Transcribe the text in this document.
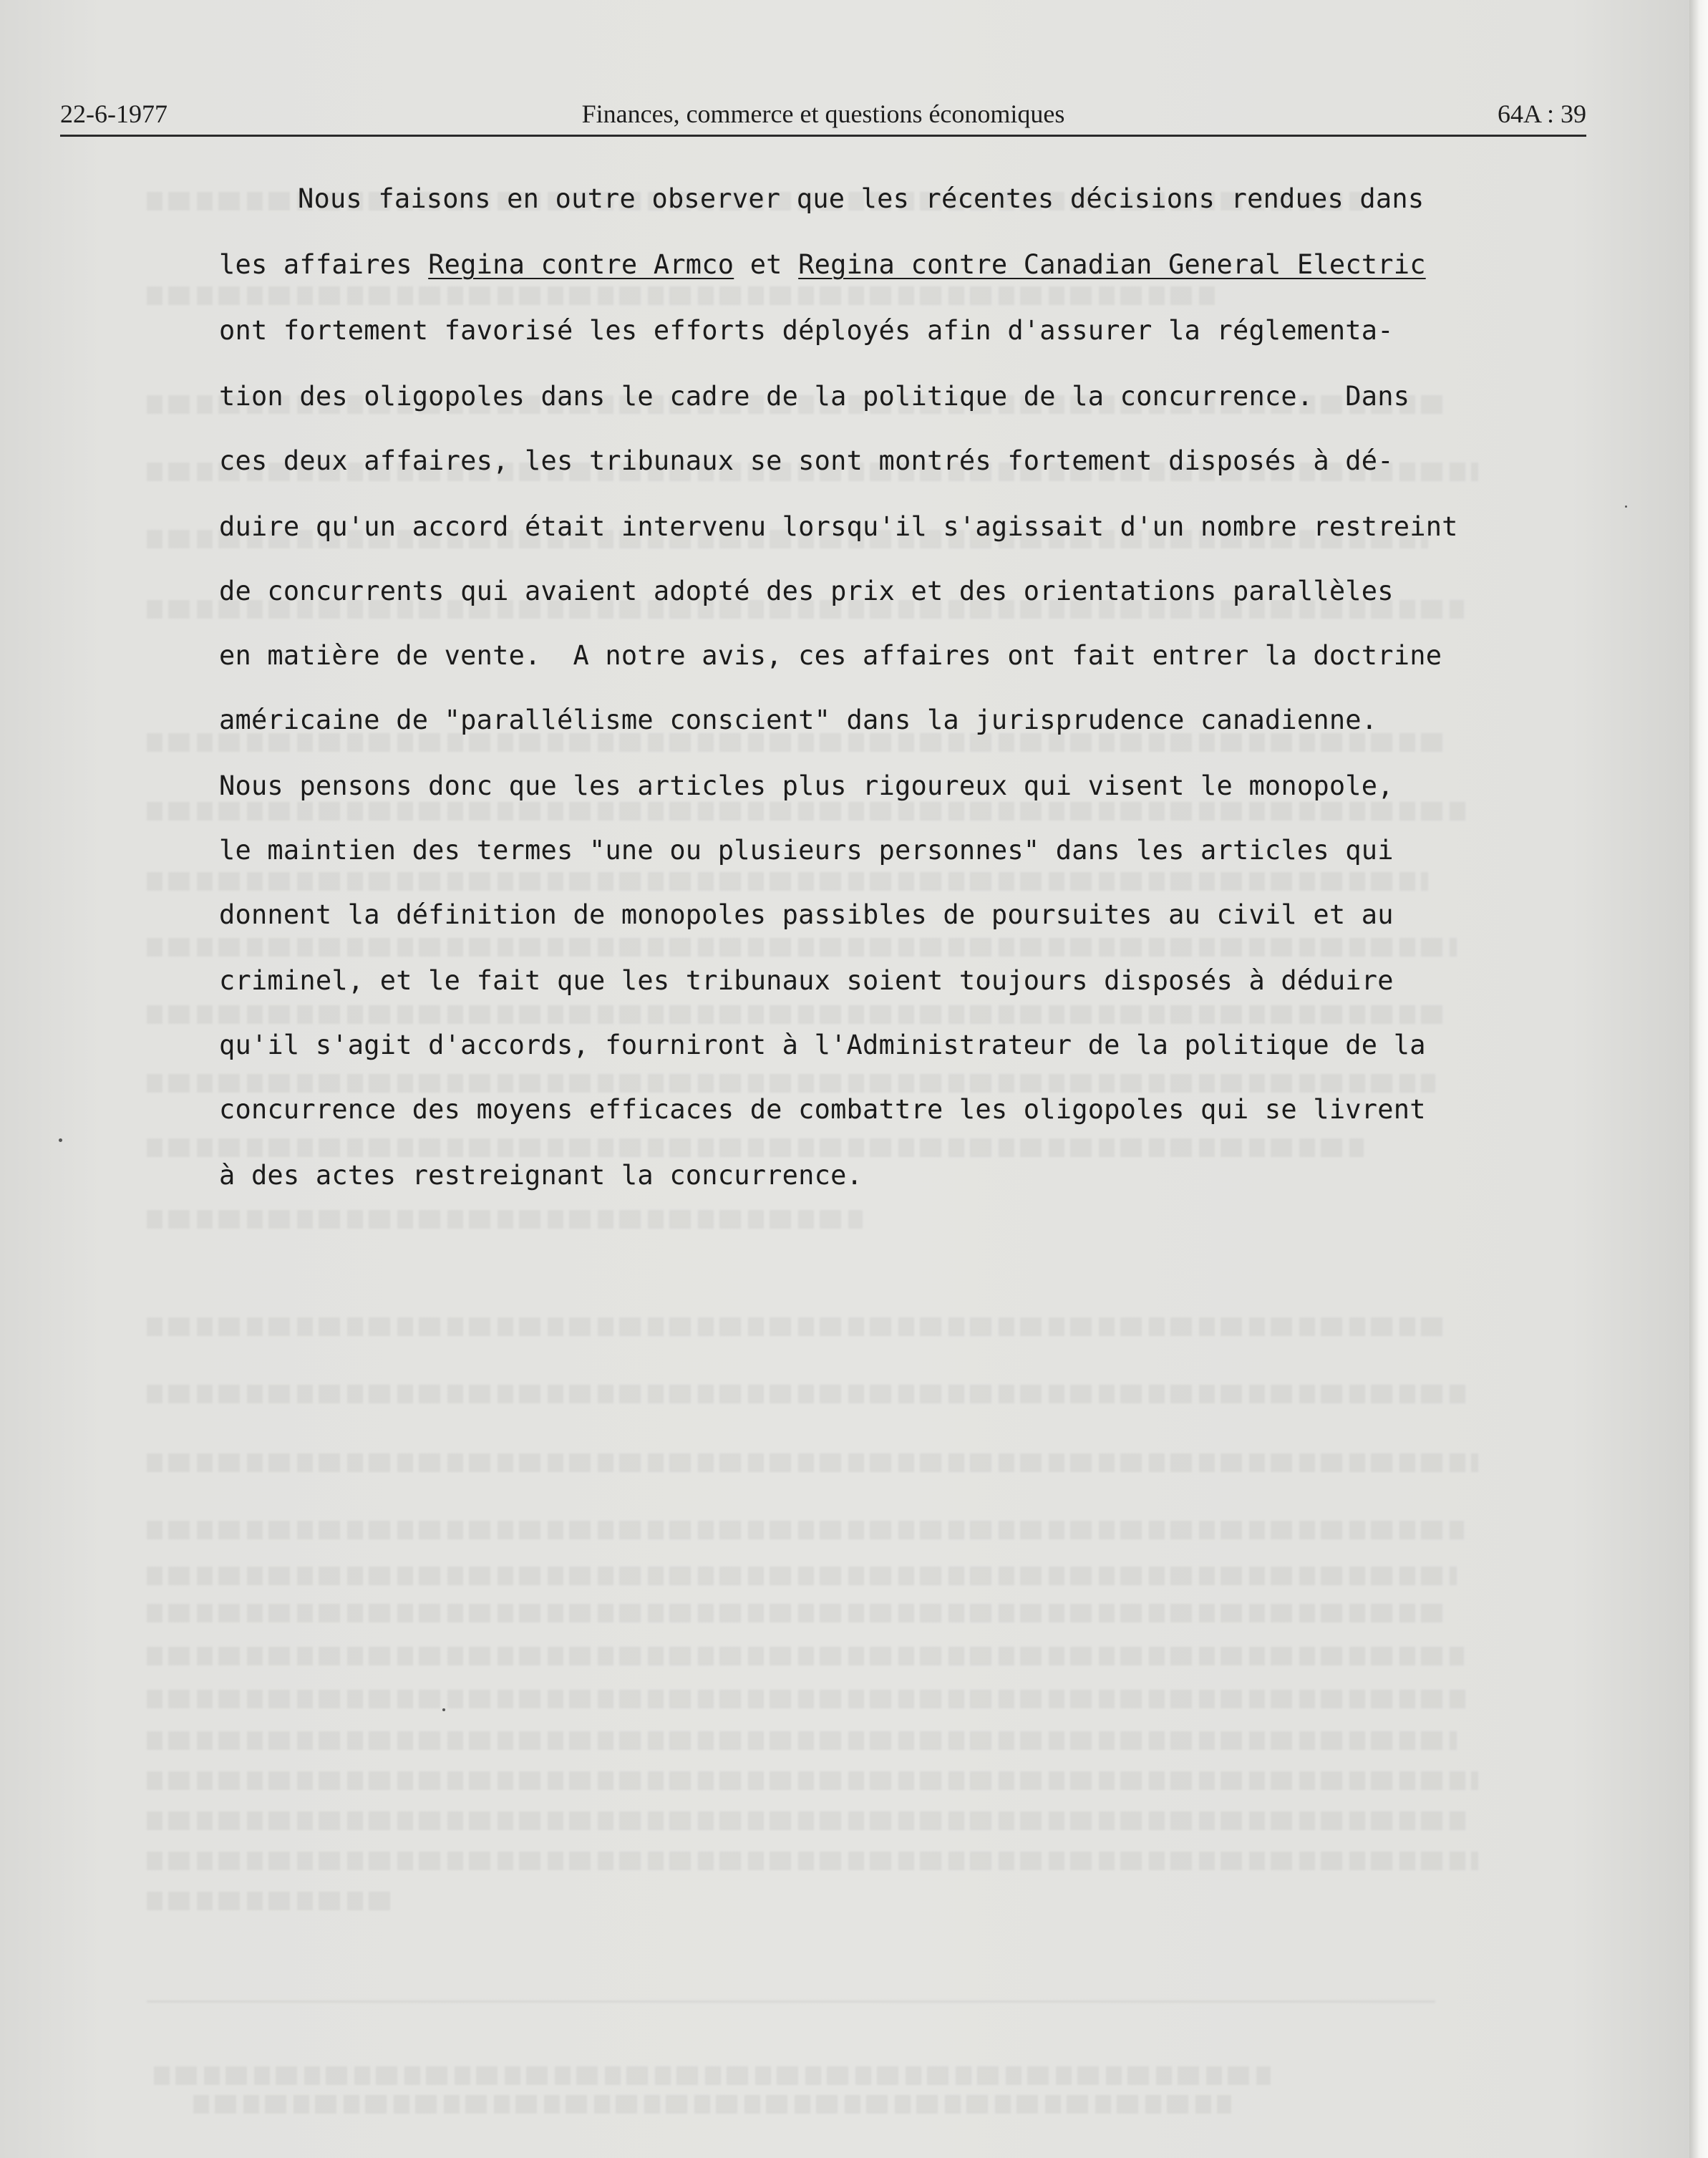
22-6-1977	Finances, commerce et questions économiques	64A : 39
Nous faisons en outre observer que les récentes décisions rendues dans
les affaires Regina contre Armco et Regina contre Canadian General Electric
ont fortement favorisé les efforts déployés afin d'assurer la réglementa-
tion des oligopoles dans le cadre de la politique de la concurrence.  Dans
ces deux affaires, les tribunaux se sont montrés fortement disposés à dé-
duire qu'un accord était intervenu lorsqu'il s'agissait d'un nombre restreint
de concurrents qui avaient adopté des prix et des orientations parallèles
en matière de vente.  A notre avis, ces affaires ont fait entrer la doctrine
américaine de "parallélisme conscient" dans la jurisprudence canadienne.
Nous pensons donc que les articles plus rigoureux qui visent le monopole,
le maintien des termes "une ou plusieurs personnes" dans les articles qui
donnent la définition de monopoles passibles de poursuites au civil et au
criminel, et le fait que les tribunaux soient toujours disposés à déduire
qu'il s'agit d'accords, fourniront à l'Administrateur de la politique de la
concurrence des moyens efficaces de combattre les oligopoles qui se livrent
à des actes restreignant la concurrence.
